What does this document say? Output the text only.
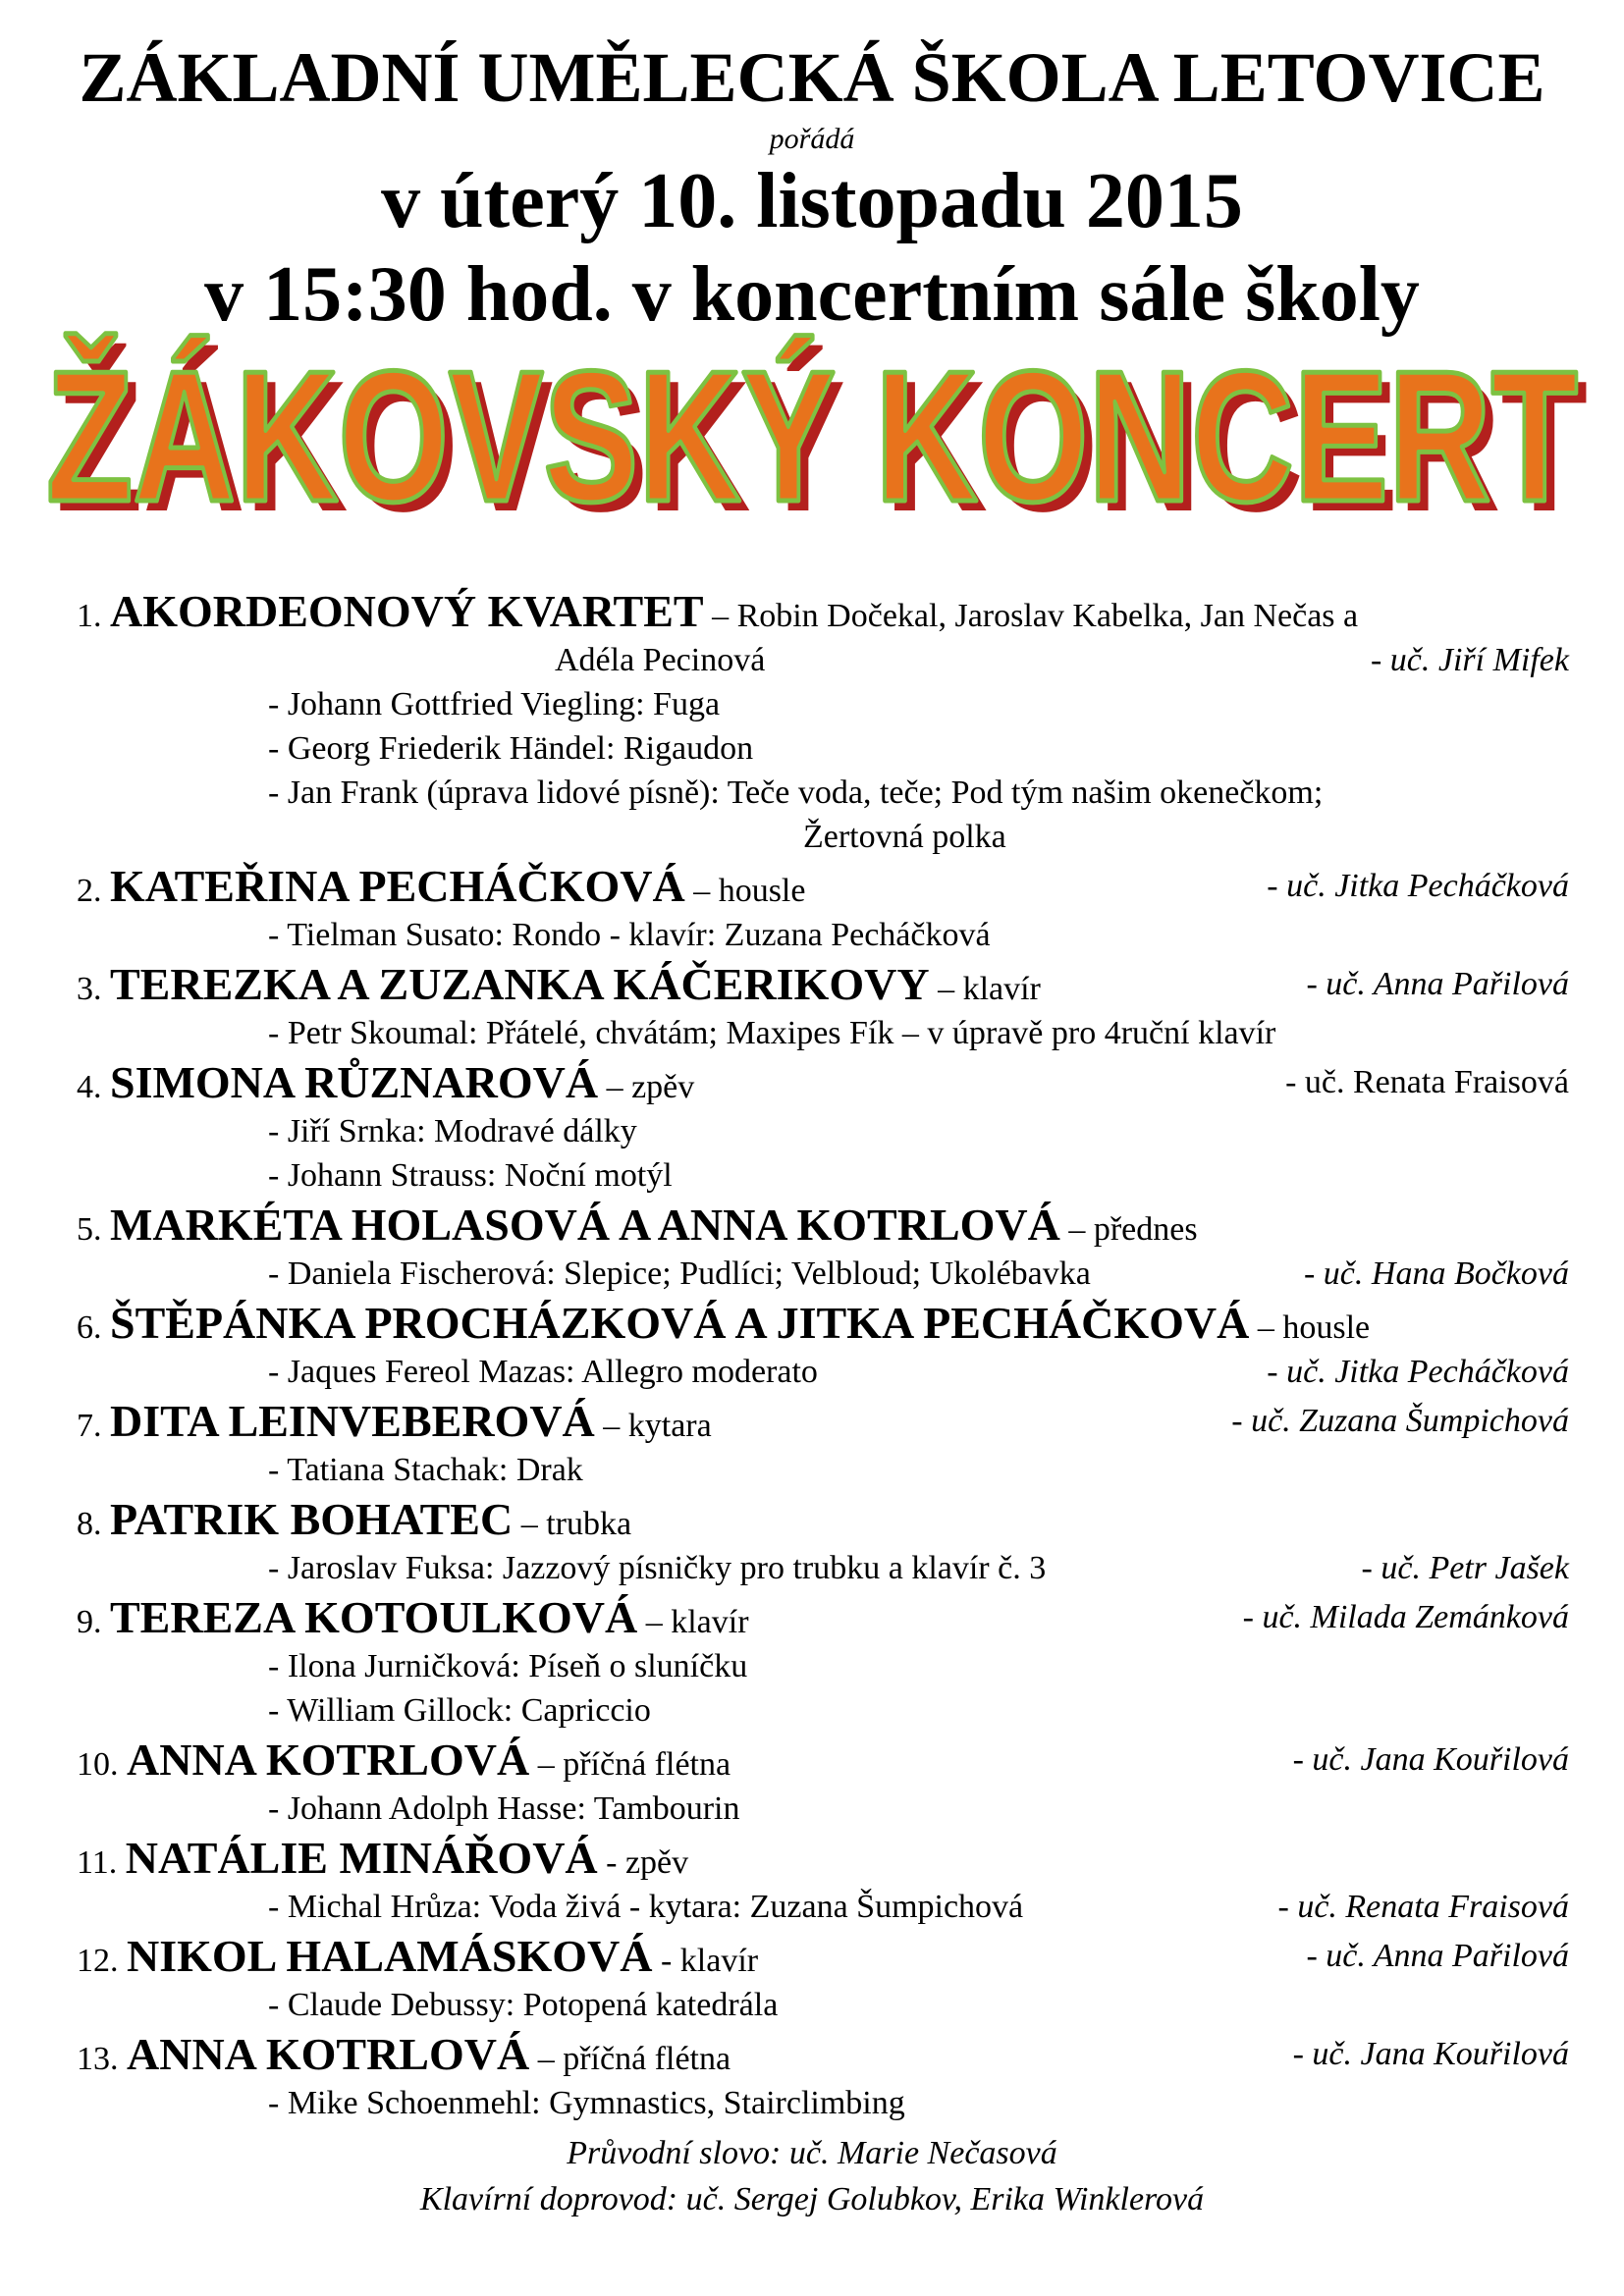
ZÁKLADNÍ UMĚLECKÁ ŠKOLA LETOVICE
pořádá
v úterý 10. listopadu 2015
v 15:30 hod. v koncertním sále školy
ŽÁKOVSKÝ KONCERT
ŽÁKOVSKÝ KONCERT
1. AKORDEONOVÝ KVARTET – Robin Dočekal, Jaroslav Kabelka, Jan Nečas a
Adéla Pecinová	- uč. Jiří Mifek
- Johann Gottfried Viegling: Fuga
- Georg Friederik Händel: Rigaudon
- Jan Frank (úprava lidové písně): Teče voda, teče; Pod tým našim okenečkom;
Žertovná polka
2. KATEŘINA PECHÁČKOVÁ – housle	- uč. Jitka Pecháčková
- Tielman Susato: Rondo - klavír: Zuzana Pecháčková
3. TEREZKA A ZUZANKA KÁČERIKOVY – klavír	- uč. Anna Pařilová
- Petr Skoumal: Přátelé, chvátám; Maxipes Fík – v úpravě pro 4ruční klavír
4. SIMONA RŮZNAROVÁ – zpěv	- uč. Renata Fraisová
- Jiří Srnka: Modravé dálky
- Johann Strauss: Noční motýl
5. MARKÉTA HOLASOVÁ A ANNA KOTRLOVÁ – přednes
- Daniela Fischerová: Slepice; Pudlíci; Velbloud; Ukolébavka	- uč. Hana Bočková
6. ŠTĚPÁNKA PROCHÁZKOVÁ A JITKA PECHÁČKOVÁ – housle
- Jaques Fereol Mazas: Allegro moderato	- uč. Jitka Pecháčková
7. DITA LEINVEBEROVÁ – kytara	- uč. Zuzana Šumpichová
- Tatiana Stachak: Drak
8. PATRIK BOHATEC – trubka
- Jaroslav Fuksa: Jazzový písničky pro trubku a klavír č. 3	- uč. Petr Jašek
9. TEREZA KOTOULKOVÁ – klavír	- uč. Milada Zemánková
- Ilona Jurničková: Píseň o sluníčku
- William Gillock: Capriccio
10. ANNA KOTRLOVÁ – příčná flétna	- uč. Jana Kouřilová
- Johann Adolph Hasse: Tambourin
11. NATÁLIE MINÁŘOVÁ - zpěv
- Michal Hrůza: Voda živá - kytara: Zuzana Šumpichová	- uč. Renata Fraisová
12. NIKOL HALAMÁSKOVÁ - klavír	- uč. Anna Pařilová
- Claude Debussy: Potopená katedrála
13. ANNA KOTRLOVÁ – příčná flétna	- uč. Jana Kouřilová
- Mike Schoenmehl: Gymnastics, Stairclimbing
Průvodní slovo: uč. Marie Nečasová
Klavírní doprovod: uč. Sergej Golubkov, Erika Winklerová
